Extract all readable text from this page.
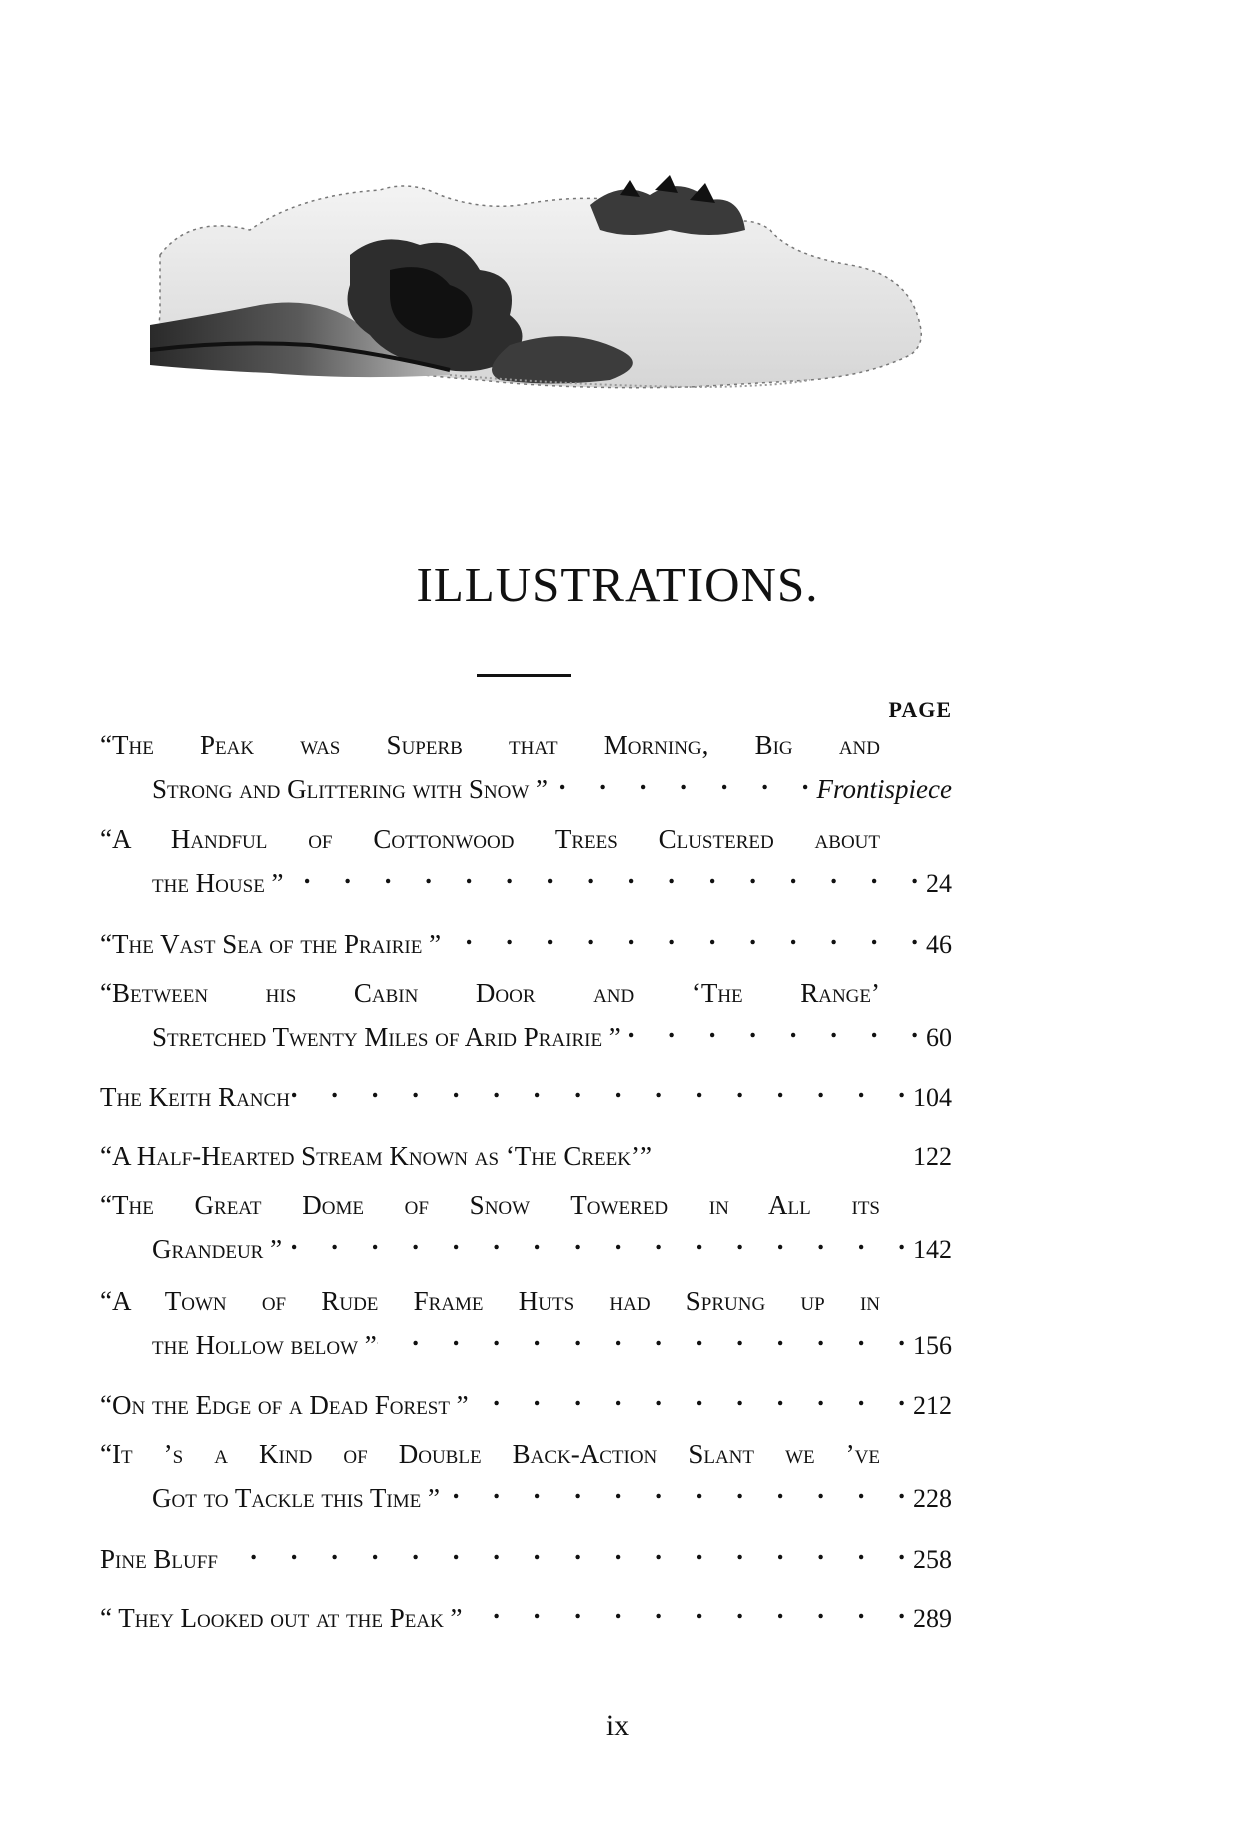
ILLUSTRATIONS.
PAGE
“The Peak was Superb that Morning, Big and
Strong and Glittering with Snow ” .	Frontispiece
“A Handful of Cottonwood Trees Clustered about
the House ” .	24
“The Vast Sea of the Prairie ” .	46
“Between his Cabin Door and ‘The Range’
Stretched Twenty Miles of Arid Prairie ” .	60
The Keith Ranch .	104
“A Half-Hearted Stream Known as ‘The Creek’”	122
“The Great Dome of Snow Towered in All its
Grandeur ” .	142
“A Town of Rude Frame Huts had Sprung up in
the Hollow below ” .	156
“On the Edge of a Dead Forest ” .	212
“It ’s a Kind of Double Back-Action Slant we ’ve
Got to Tackle this Time ” .	228
Pine Bluff .	258
“ They Looked out at the Peak ” .	289
ix
